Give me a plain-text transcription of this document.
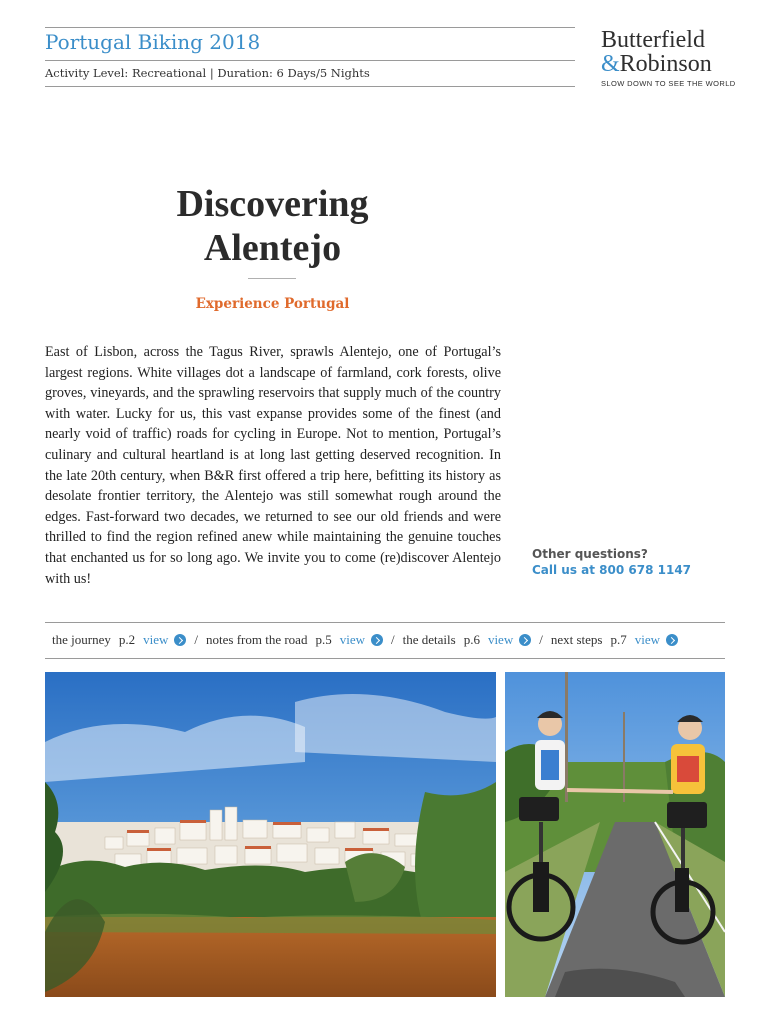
Portugal Biking 2018
Activity Level: Recreational | Duration: 6 Days/5 Nights
Butterfield
&Robinson
SLOW DOWN TO SEE THE WORLD
Discovering
Alentejo
Experience Portugal
East of Lisbon, across the Tagus River, sprawls Alentejo, one of Portugal’s largest regions. White villages dot a landscape of farmland, cork forests, olive groves, vineyards, and the sprawling reservoirs that supply much of the country with water. Lucky for us, this vast expanse provides some of the finest (and nearly void of traffic) roads for cycling in Europe. Not to mention, Portugal’s culinary and cultural heartland is at long last getting deserved recognition. In the late 20th century, when B&R first offered a trip here, befitting its history as desolate frontier territory, the Alentejo was still somewhat rough around the edges. Fast-forward two decades, we returned to see our old friends and were thrilled to find the region refined anew while maintaining the genuine touches that enchanted us for so long ago. We invite you to come (re)discover Alentejo with us!
Other questions?
Call us at 800 678 1147
the journey p.2 view / notes from the road p.5 view / the details p.6 view / next steps p.7 view
